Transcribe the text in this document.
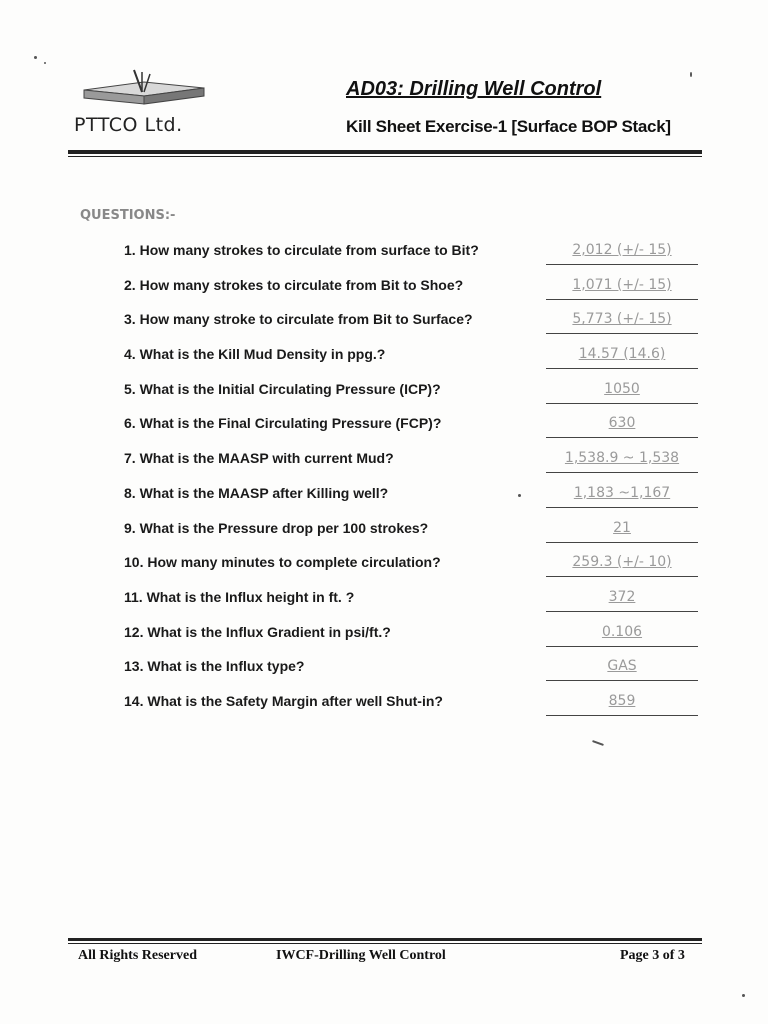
PTTCO Ltd.
AD03: Drilling Well Control
Kill Sheet Exercise-1 [Surface BOP Stack]
QUESTIONS:-
1. How many strokes to circulate from surface to Bit?	2,012 (+/- 15)
2. How many strokes to circulate from Bit to Shoe?	1,071 (+/- 15)
3. How many stroke to circulate from Bit to Surface?	5,773 (+/- 15)
4. What is the Kill Mud Density in ppg.?	14.57 (14.6)
5. What is the Initial Circulating Pressure (ICP)?	1050
6. What is the Final Circulating Pressure (FCP)?	630
7. What is the MAASP with current Mud?	1,538.9 ~ 1,538
8. What is the MAASP after Killing well?	1,183 ~1,167
9. What is the Pressure drop per 100 strokes?	21
10. How many minutes to complete circulation?	259.3 (+/- 10)
11. What is the Influx height in ft. ?	372
12. What is the Influx Gradient in psi/ft.?	0.106
13. What is the Influx type?	GAS
14. What is the Safety Margin after well Shut-in?	859
All Rights Reserved	IWCF-Drilling Well Control	Page 3 of 3
